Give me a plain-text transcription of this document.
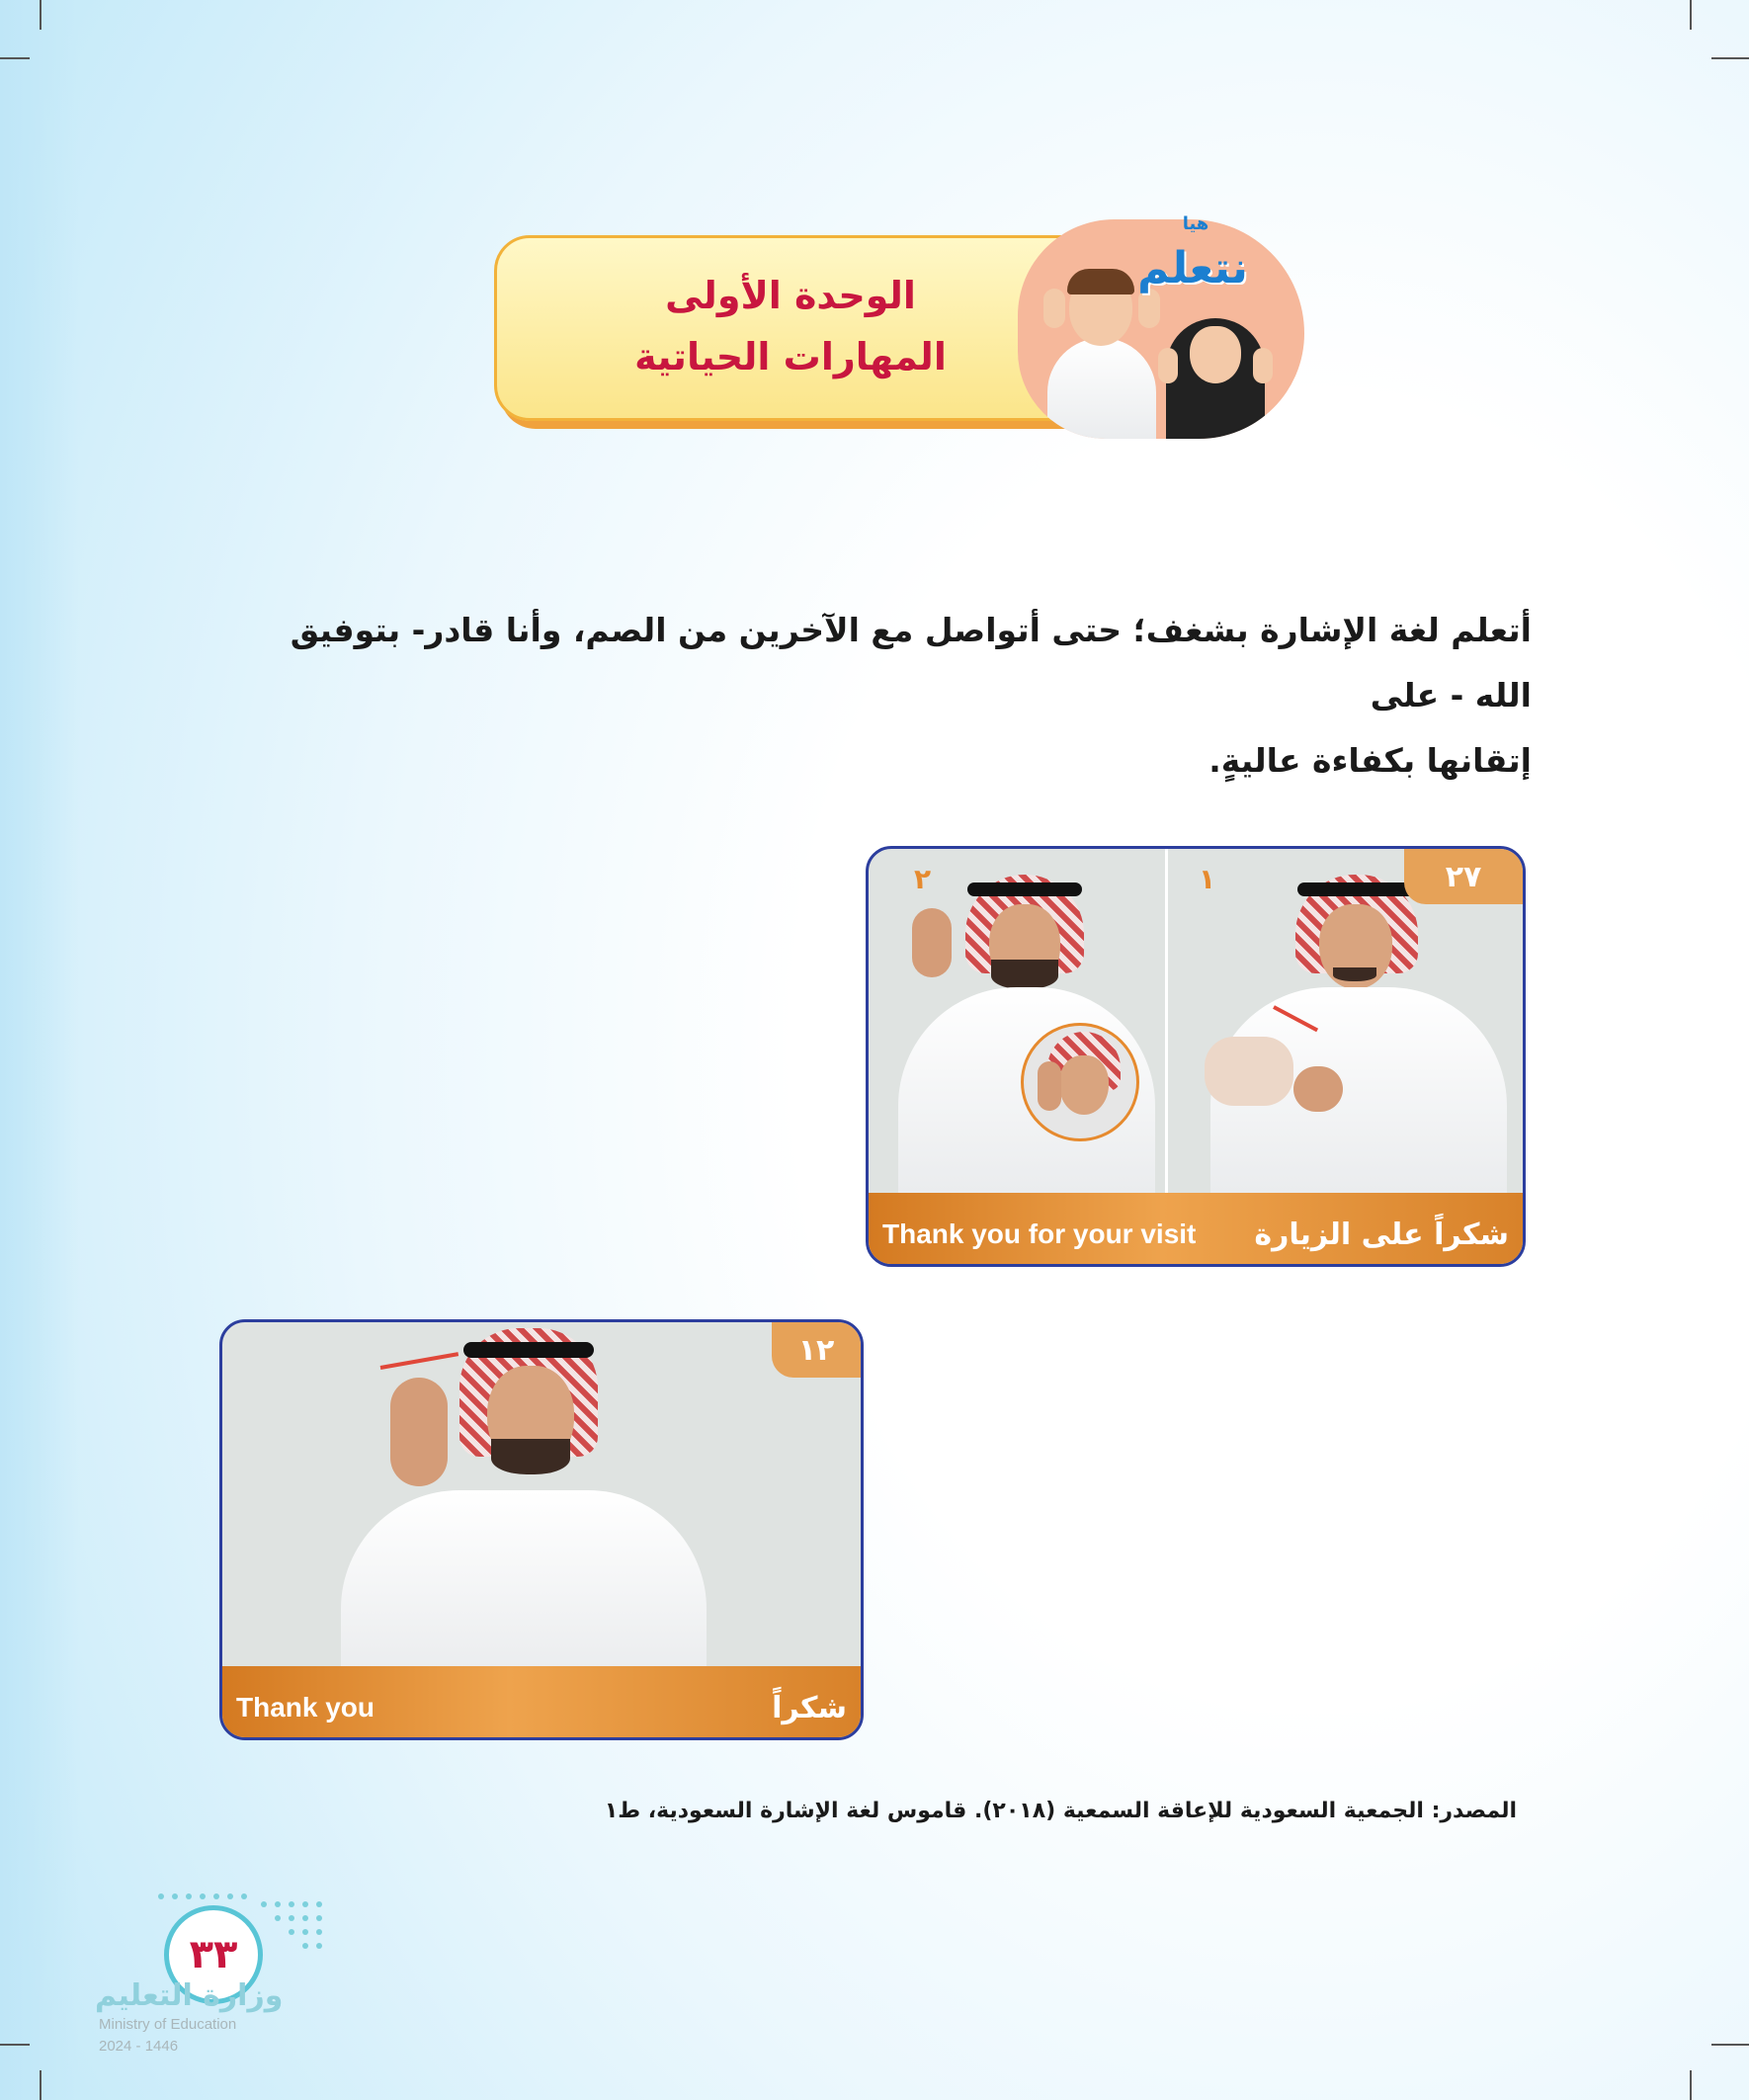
الوحدة الأولى
المهارات الحياتية
هيا
نتعلم
أتعلم لغة الإشارة بشغف؛ حتى أتواصل مع الآخرين من الصم، وأنا قادر- بتوفيق الله - على
إتقانها بكفاءة عاليةٍ.
٢	١	٢٧
Thank you for your visit شكراً على الزيارة
١٢
Thank you	شكراً
المصدر: الجمعية السعودية للإعاقة السمعية (٢٠١٨). قاموس لغة الإشارة السعودية، ط١
٣٣
وزارة التعليم
Ministry of Education
2024 - 1446
